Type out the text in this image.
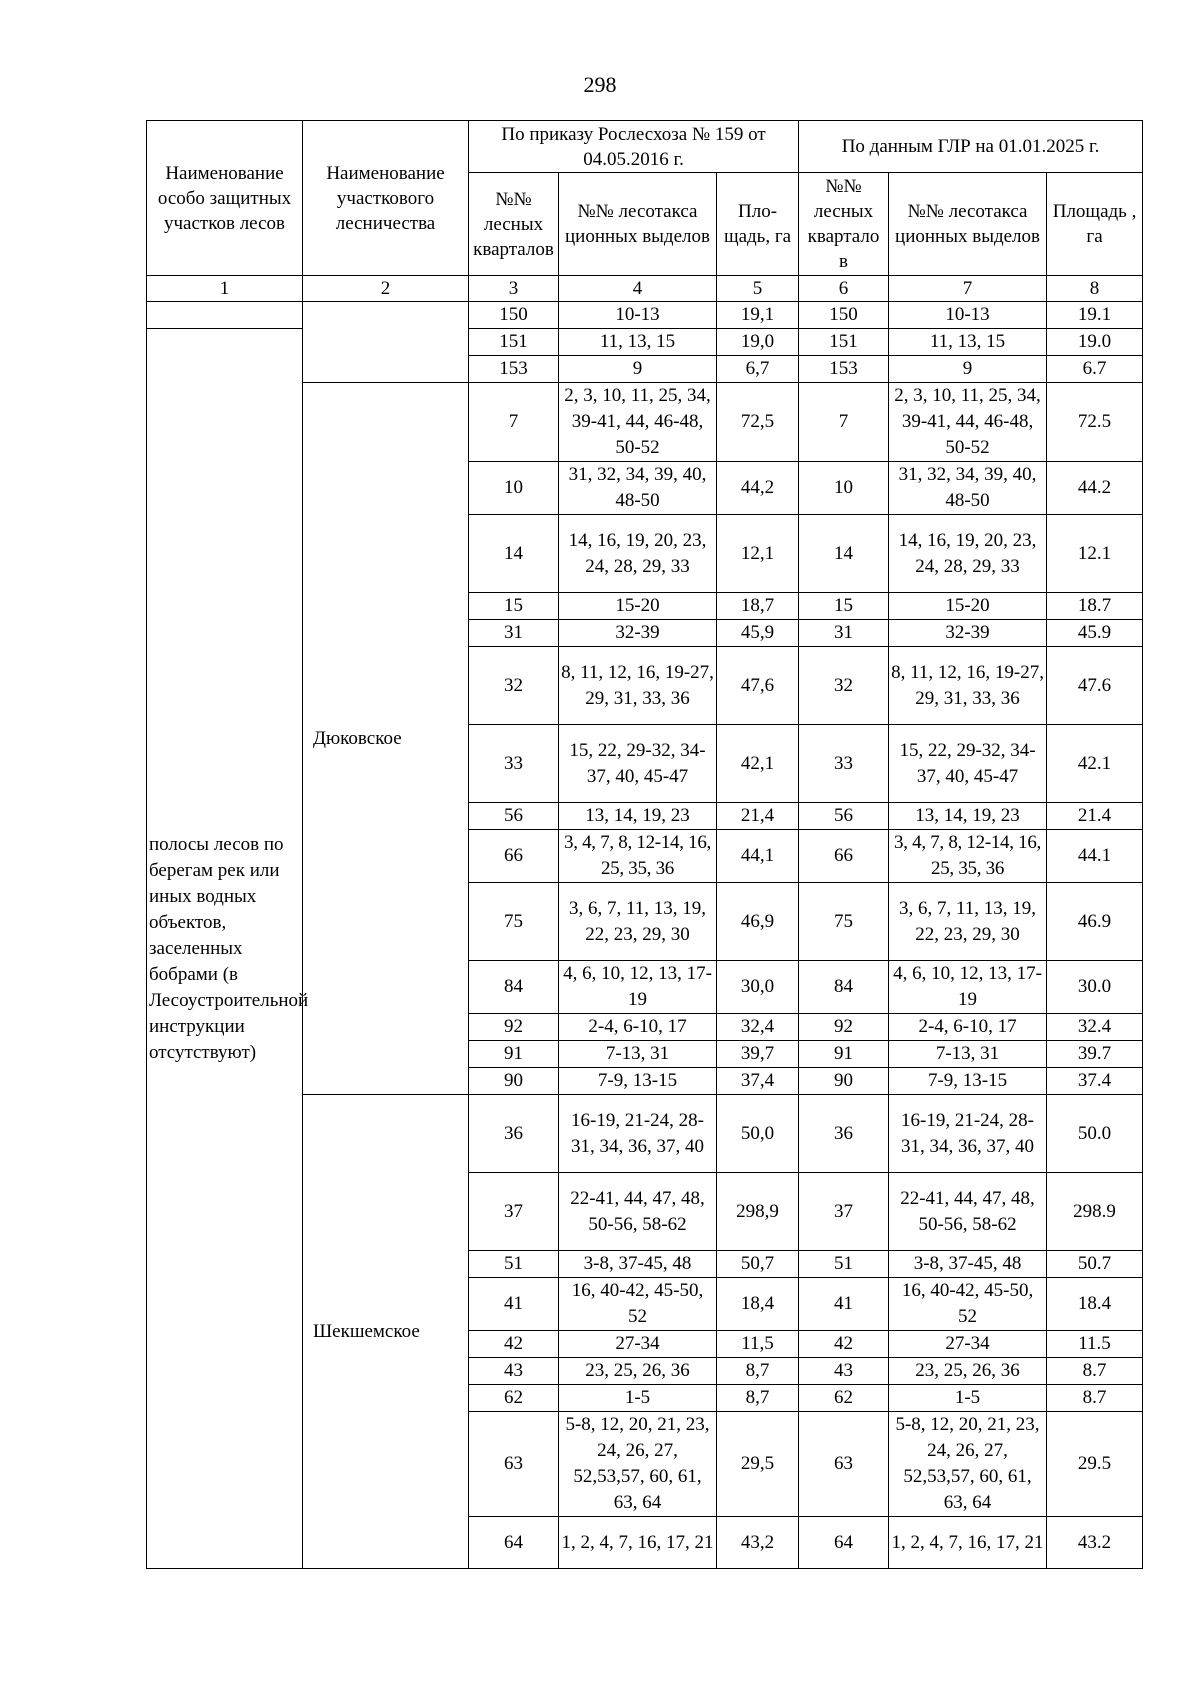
298
Наименование особо защитных участков лесов	Наименование участкового лесничества	По приказу Рослесхоза № 159 от 04.05.2016 г.			По данным ГЛР на 01.01.2025 г.		
		№№ лесных кварталов	№№ лесотакса ционных выделов	Пло-щадь, га	№№ лесных квартало в	№№ лесотакса ционных выделов	Площадь , га
1	2	3	4	5	6	7	8
		150	10-13	19,1	150	10-13	19.1
полосы лесов по берегам рек или иных водных объектов, заселенных бобрами (в Лесоустроительной инструкции отсутствуют)		151	11, 13, 15	19,0	151	11, 13, 15	19.0
		153	9	6,7	153	9	6.7
	Дюковское	7	2, 3, 10, 11, 25, 34, 39-41, 44, 46-48, 50-52	72,5	7	2, 3, 10, 11, 25, 34, 39-41, 44, 46-48, 50-52	72.5
		10	31, 32, 34, 39, 40, 48-50	44,2	10	31, 32, 34, 39, 40, 48-50	44.2
		14	14, 16, 19, 20, 23, 24, 28, 29, 33	12,1	14	14, 16, 19, 20, 23, 24, 28, 29, 33	12.1
		15	15-20	18,7	15	15-20	18.7
		31	32-39	45,9	31	32-39	45.9
		32	8, 11, 12, 16, 19-27, 29, 31, 33, 36	47,6	32	8, 11, 12, 16, 19-27, 29, 31, 33, 36	47.6
		33	15, 22, 29-32, 34-37, 40, 45-47	42,1	33	15, 22, 29-32, 34-37, 40, 45-47	42.1
		56	13, 14, 19, 23	21,4	56	13, 14, 19, 23	21.4
		66	3, 4, 7, 8, 12-14, 16, 25, 35, 36	44,1	66	3, 4, 7, 8, 12-14, 16, 25, 35, 36	44.1
		75	3, 6, 7, 11, 13, 19, 22, 23, 29, 30	46,9	75	3, 6, 7, 11, 13, 19, 22, 23, 29, 30	46.9
		84	4, 6, 10, 12, 13, 17-19	30,0	84	4, 6, 10, 12, 13, 17-19	30.0
		92	2-4, 6-10, 17	32,4	92	2-4, 6-10, 17	32.4
		91	7-13, 31	39,7	91	7-13, 31	39.7
		90	7-9, 13-15	37,4	90	7-9, 13-15	37.4
	Шекшемское	36	16-19, 21-24, 28-31, 34, 36, 37, 40	50,0	36	16-19, 21-24, 28-31, 34, 36, 37, 40	50.0
		37	22-41, 44, 47, 48, 50-56, 58-62	298,9	37	22-41, 44, 47, 48, 50-56, 58-62	298.9
		51	3-8, 37-45, 48	50,7	51	3-8, 37-45, 48	50.7
		41	16, 40-42, 45-50, 52	18,4	41	16, 40-42, 45-50, 52	18.4
		42	27-34	11,5	42	27-34	11.5
		43	23, 25, 26, 36	8,7	43	23, 25, 26, 36	8.7
		62	1-5	8,7	62	1-5	8.7
		63	5-8, 12, 20, 21, 23, 24, 26, 27, 52,53,57, 60, 61, 63, 64	29,5	63	5-8, 12, 20, 21, 23, 24, 26, 27, 52,53,57, 60, 61, 63, 64	29.5
		64	1, 2, 4, 7, 16, 17, 21	43,2	64	1, 2, 4, 7, 16, 17, 21	43.2
